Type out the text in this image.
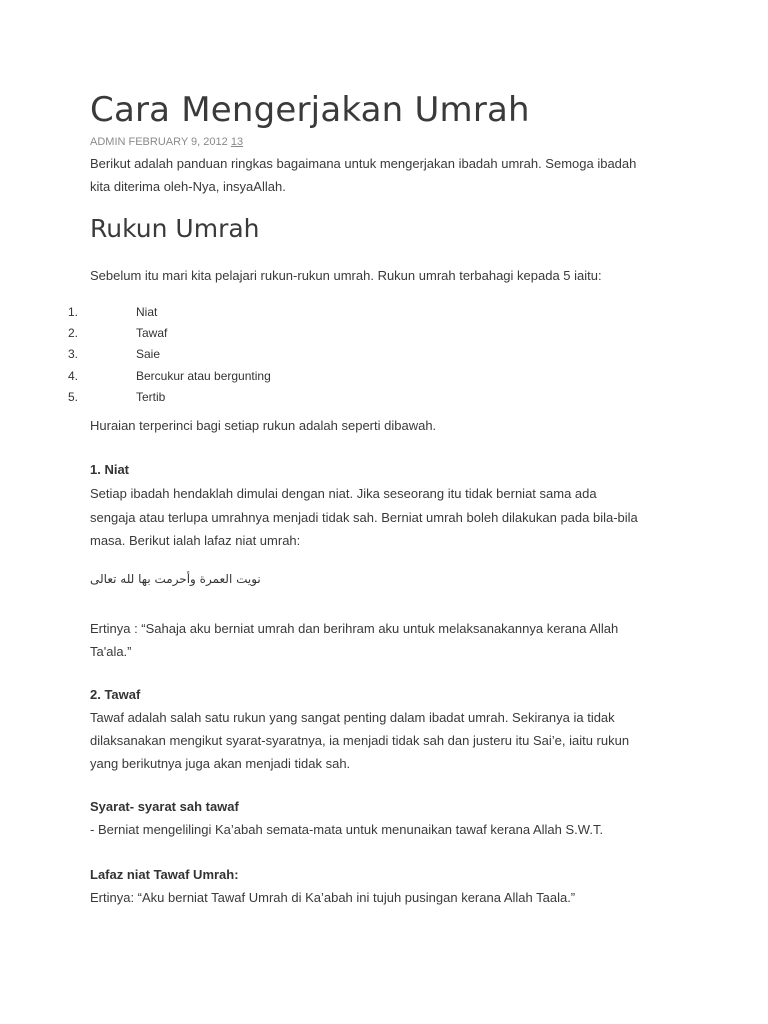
Cara Mengerjakan Umrah
ADMIN FEBRUARY 9, 2012 13

Berikut adalah panduan ringkas bagaimana untuk mengerjakan ibadah umrah. Semoga ibadah

kita diterima oleh-Nya, insyaAllah.

Rukun Umrah

Sebelum itu mari kita pelajari rukun-rukun umrah. Rukun umrah terbahagi kepada 5 iaitu:

1.	Niat
2.	Tawaf
3.	Saie
4.	Bercukur atau bergunting
5.	Tertib

Huraian terperinci bagi setiap rukun adalah seperti dibawah.

1. Niat

Setiap ibadah hendaklah dimulai dengan niat. Jika seseorang itu tidak berniat sama ada

sengaja atau terlupa umrahnya menjadi tidak sah. Berniat umrah boleh dilakukan pada bila-bila

masa. Berikut ialah lafaz niat umrah:

نويت العمرة وأحرمت بها لله تعالى

Ertinya : “Sahaja aku berniat umrah dan berihram aku untuk melaksanakannya kerana Allah

Ta'ala.”

2. Tawaf

Tawaf adalah salah satu rukun yang sangat penting dalam ibadat umrah. Sekiranya ia tidak

dilaksanakan mengikut syarat-syaratnya, ia menjadi tidak sah dan justeru itu Sai’e, iaitu rukun

yang berikutnya juga akan menjadi tidak sah.

Syarat- syarat sah tawaf

- Berniat mengelilingi Ka’abah semata-mata untuk menunaikan tawaf kerana Allah S.W.T.

Lafaz niat Tawaf Umrah:

Ertinya: “Aku berniat Tawaf Umrah di Ka’abah ini tujuh pusingan kerana Allah Taala.”
